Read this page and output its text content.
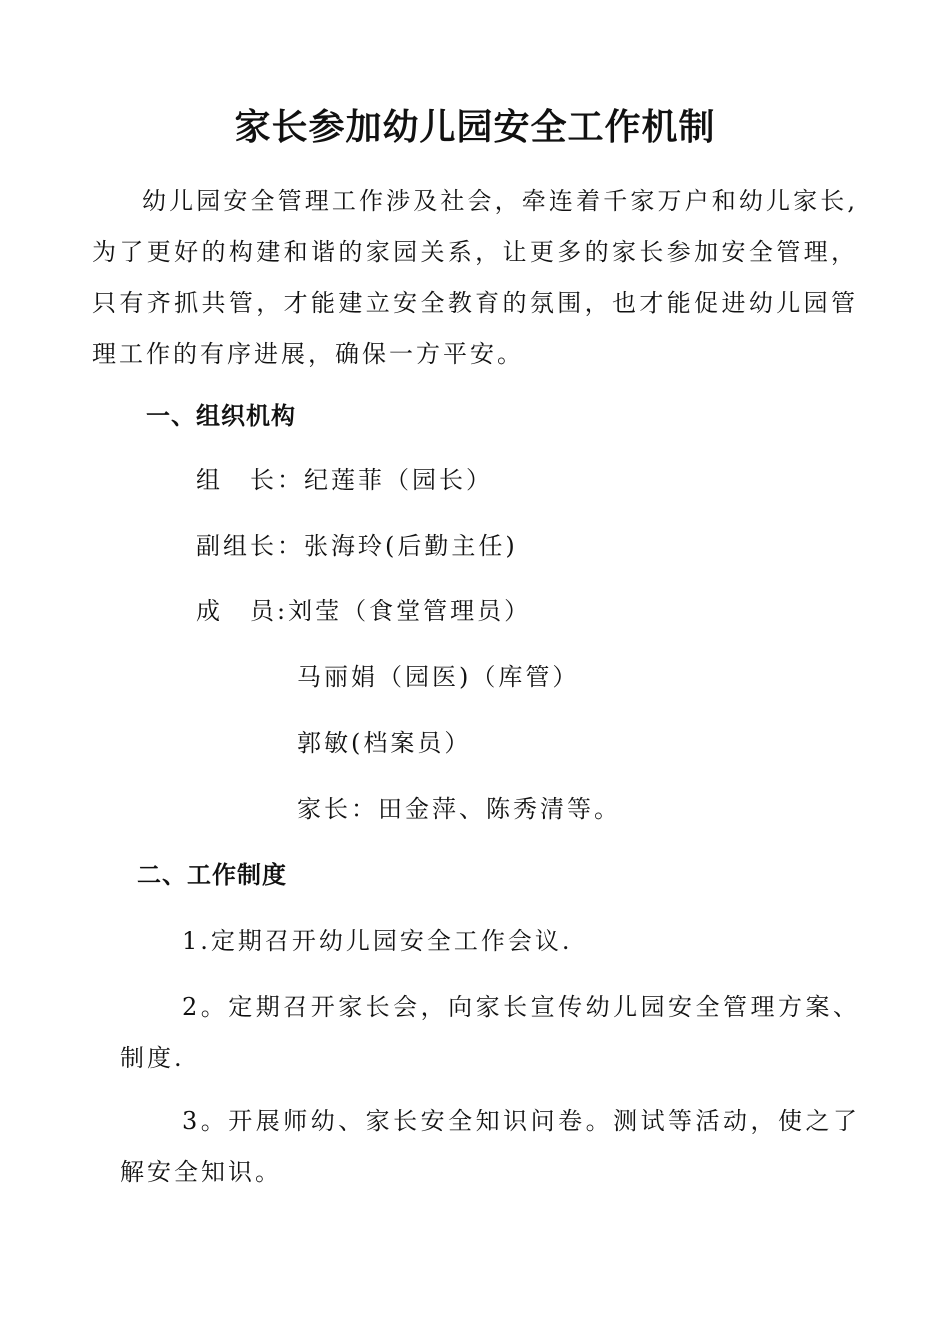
家长参加幼儿园安全工作机制
幼儿园安全管理工作涉及社会，牵连着千家万户和幼儿家长,为了更好的构建和谐的家园关系，让更多的家长参加安全管理，只有齐抓共管，才能建立安全教育的氛围，也才能促进幼儿园管理工作的有序进展，确保一方平安。
一、组织机构
组　长：纪莲菲（园长）
副组长：张海玲(后勤主任)
成　员:刘莹（食堂管理员）
马丽娟（园医)（库管）
郭敏(档案员）
家长：田金萍、陈秀清等。
二、工作制度
1.定期召开幼儿园安全工作会议.
2。定期召开家长会，向家长宣传幼儿园安全管理方案、制度.
3。开展师幼、家长安全知识问卷。测试等活动，使之了解安全知识。
